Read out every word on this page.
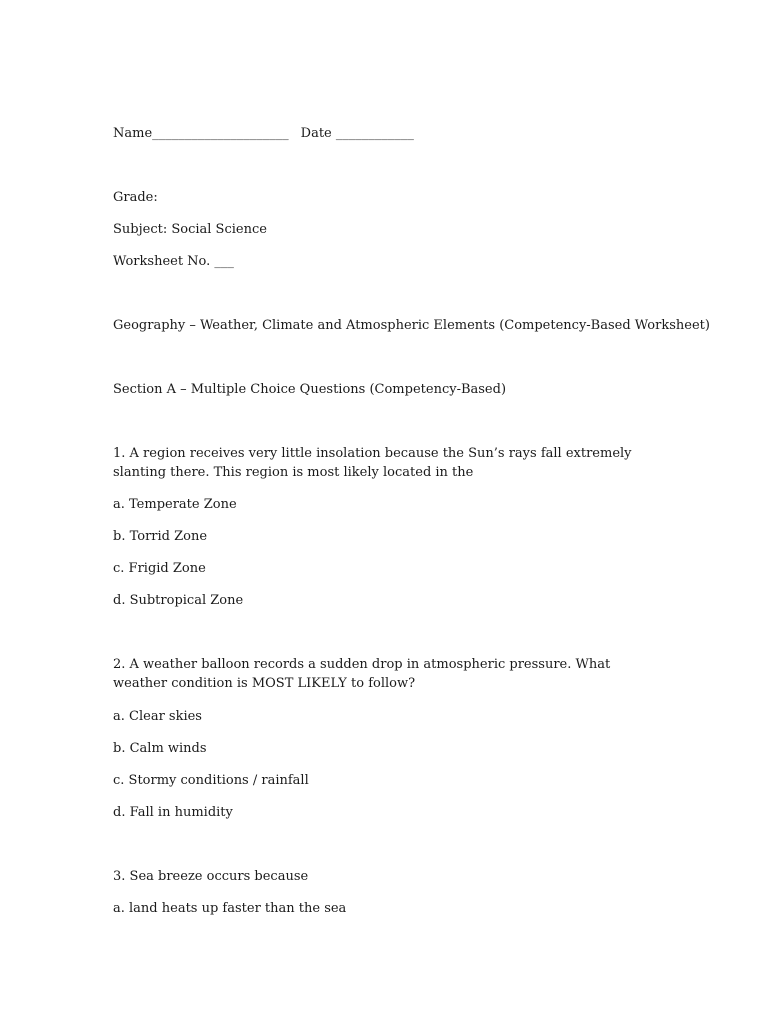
Name_____________________ Date ____________
Grade:
Subject: Social Science
Worksheet No. ___
Geography – Weather, Climate and Atmospheric Elements (Competency-Based Worksheet)
Section A – Multiple Choice Questions (Competency-Based)
1. A region receives very little insolation because the Sun’s rays fall extremely slanting there. This region is most likely located in the
a. Temperate Zone
b. Torrid Zone
c. Frigid Zone
d. Subtropical Zone
2. A weather balloon records a sudden drop in atmospheric pressure. What weather condition is MOST LIKELY to follow?
a. Clear skies
b. Calm winds
c. Stormy conditions / rainfall
d. Fall in humidity
3. Sea breeze occurs because
a. land heats up faster than the sea
